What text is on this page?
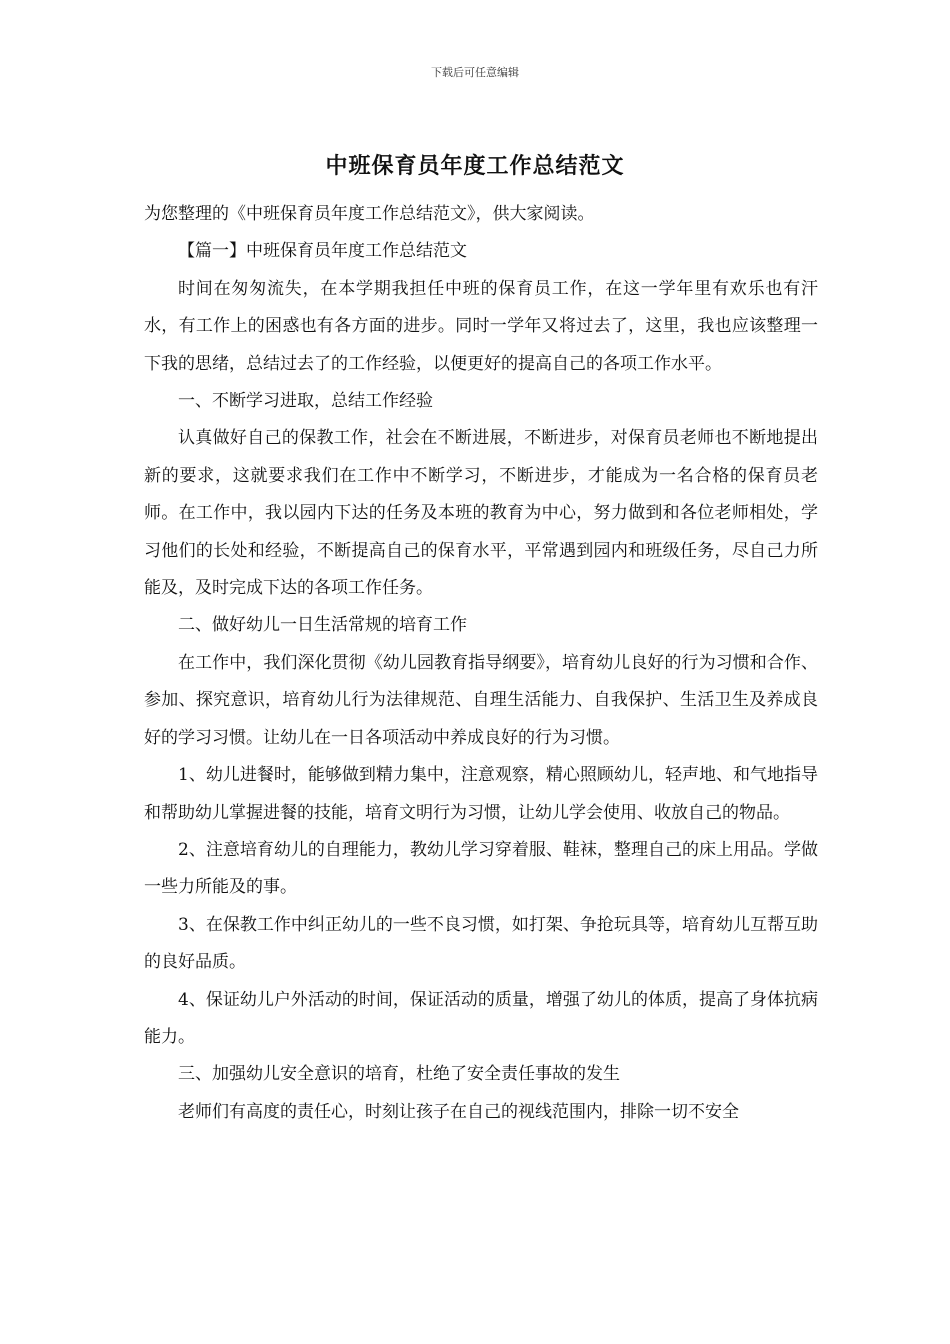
下载后可任意编辑
中班保育员年度工作总结范文

为您整理的《中班保育员年度工作总结范文》，供大家阅读。

【篇一】中班保育员年度工作总结范文

时间在匆匆流失，在本学期我担任中班的保育员工作，在这一学年里有欢乐也有汗水，有工作上的困惑也有各方面的进步。同时一学年又将过去了，这里，我也应该整理一下我的思绪，总结过去了的工作经验，以便更好的提高自己的各项工作水平。

一、不断学习进取，总结工作经验

认真做好自己的保教工作，社会在不断进展，不断进步，对保育员老师也不断地提出新的要求，这就要求我们在工作中不断学习，不断进步，才能成为一名合格的保育员老师。在工作中，我以园内下达的任务及本班的教育为中心，努力做到和各位老师相处，学习他们的长处和经验，不断提高自己的保育水平，平常遇到园内和班级任务，尽自己力所能及，及时完成下达的各项工作任务。

二、做好幼儿一日生活常规的培育工作

在工作中，我们深化贯彻《幼儿园教育指导纲要》，培育幼儿良好的行为习惯和合作、参加、探究意识，培育幼儿行为法律规范、自理生活能力、自我保护、生活卫生及养成良好的学习习惯。让幼儿在一日各项活动中养成良好的行为习惯。

1、幼儿进餐时，能够做到精力集中，注意观察，精心照顾幼儿，轻声地、和气地指导和帮助幼儿掌握进餐的技能，培育文明行为习惯，让幼儿学会使用、收放自己的物品。

2、注意培育幼儿的自理能力，教幼儿学习穿着服、鞋袜，整理自己的床上用品。学做一些力所能及的事。

3、在保教工作中纠正幼儿的一些不良习惯，如打架、争抢玩具等，培育幼儿互帮互助的良好品质。

4、保证幼儿户外活动的时间，保证活动的质量，增强了幼儿的体质，提高了身体抗病能力。

三、加强幼儿安全意识的培育，杜绝了安全责任事故的发生

老师们有高度的责任心，时刻让孩子在自己的视线范围内，排除一切不安全
